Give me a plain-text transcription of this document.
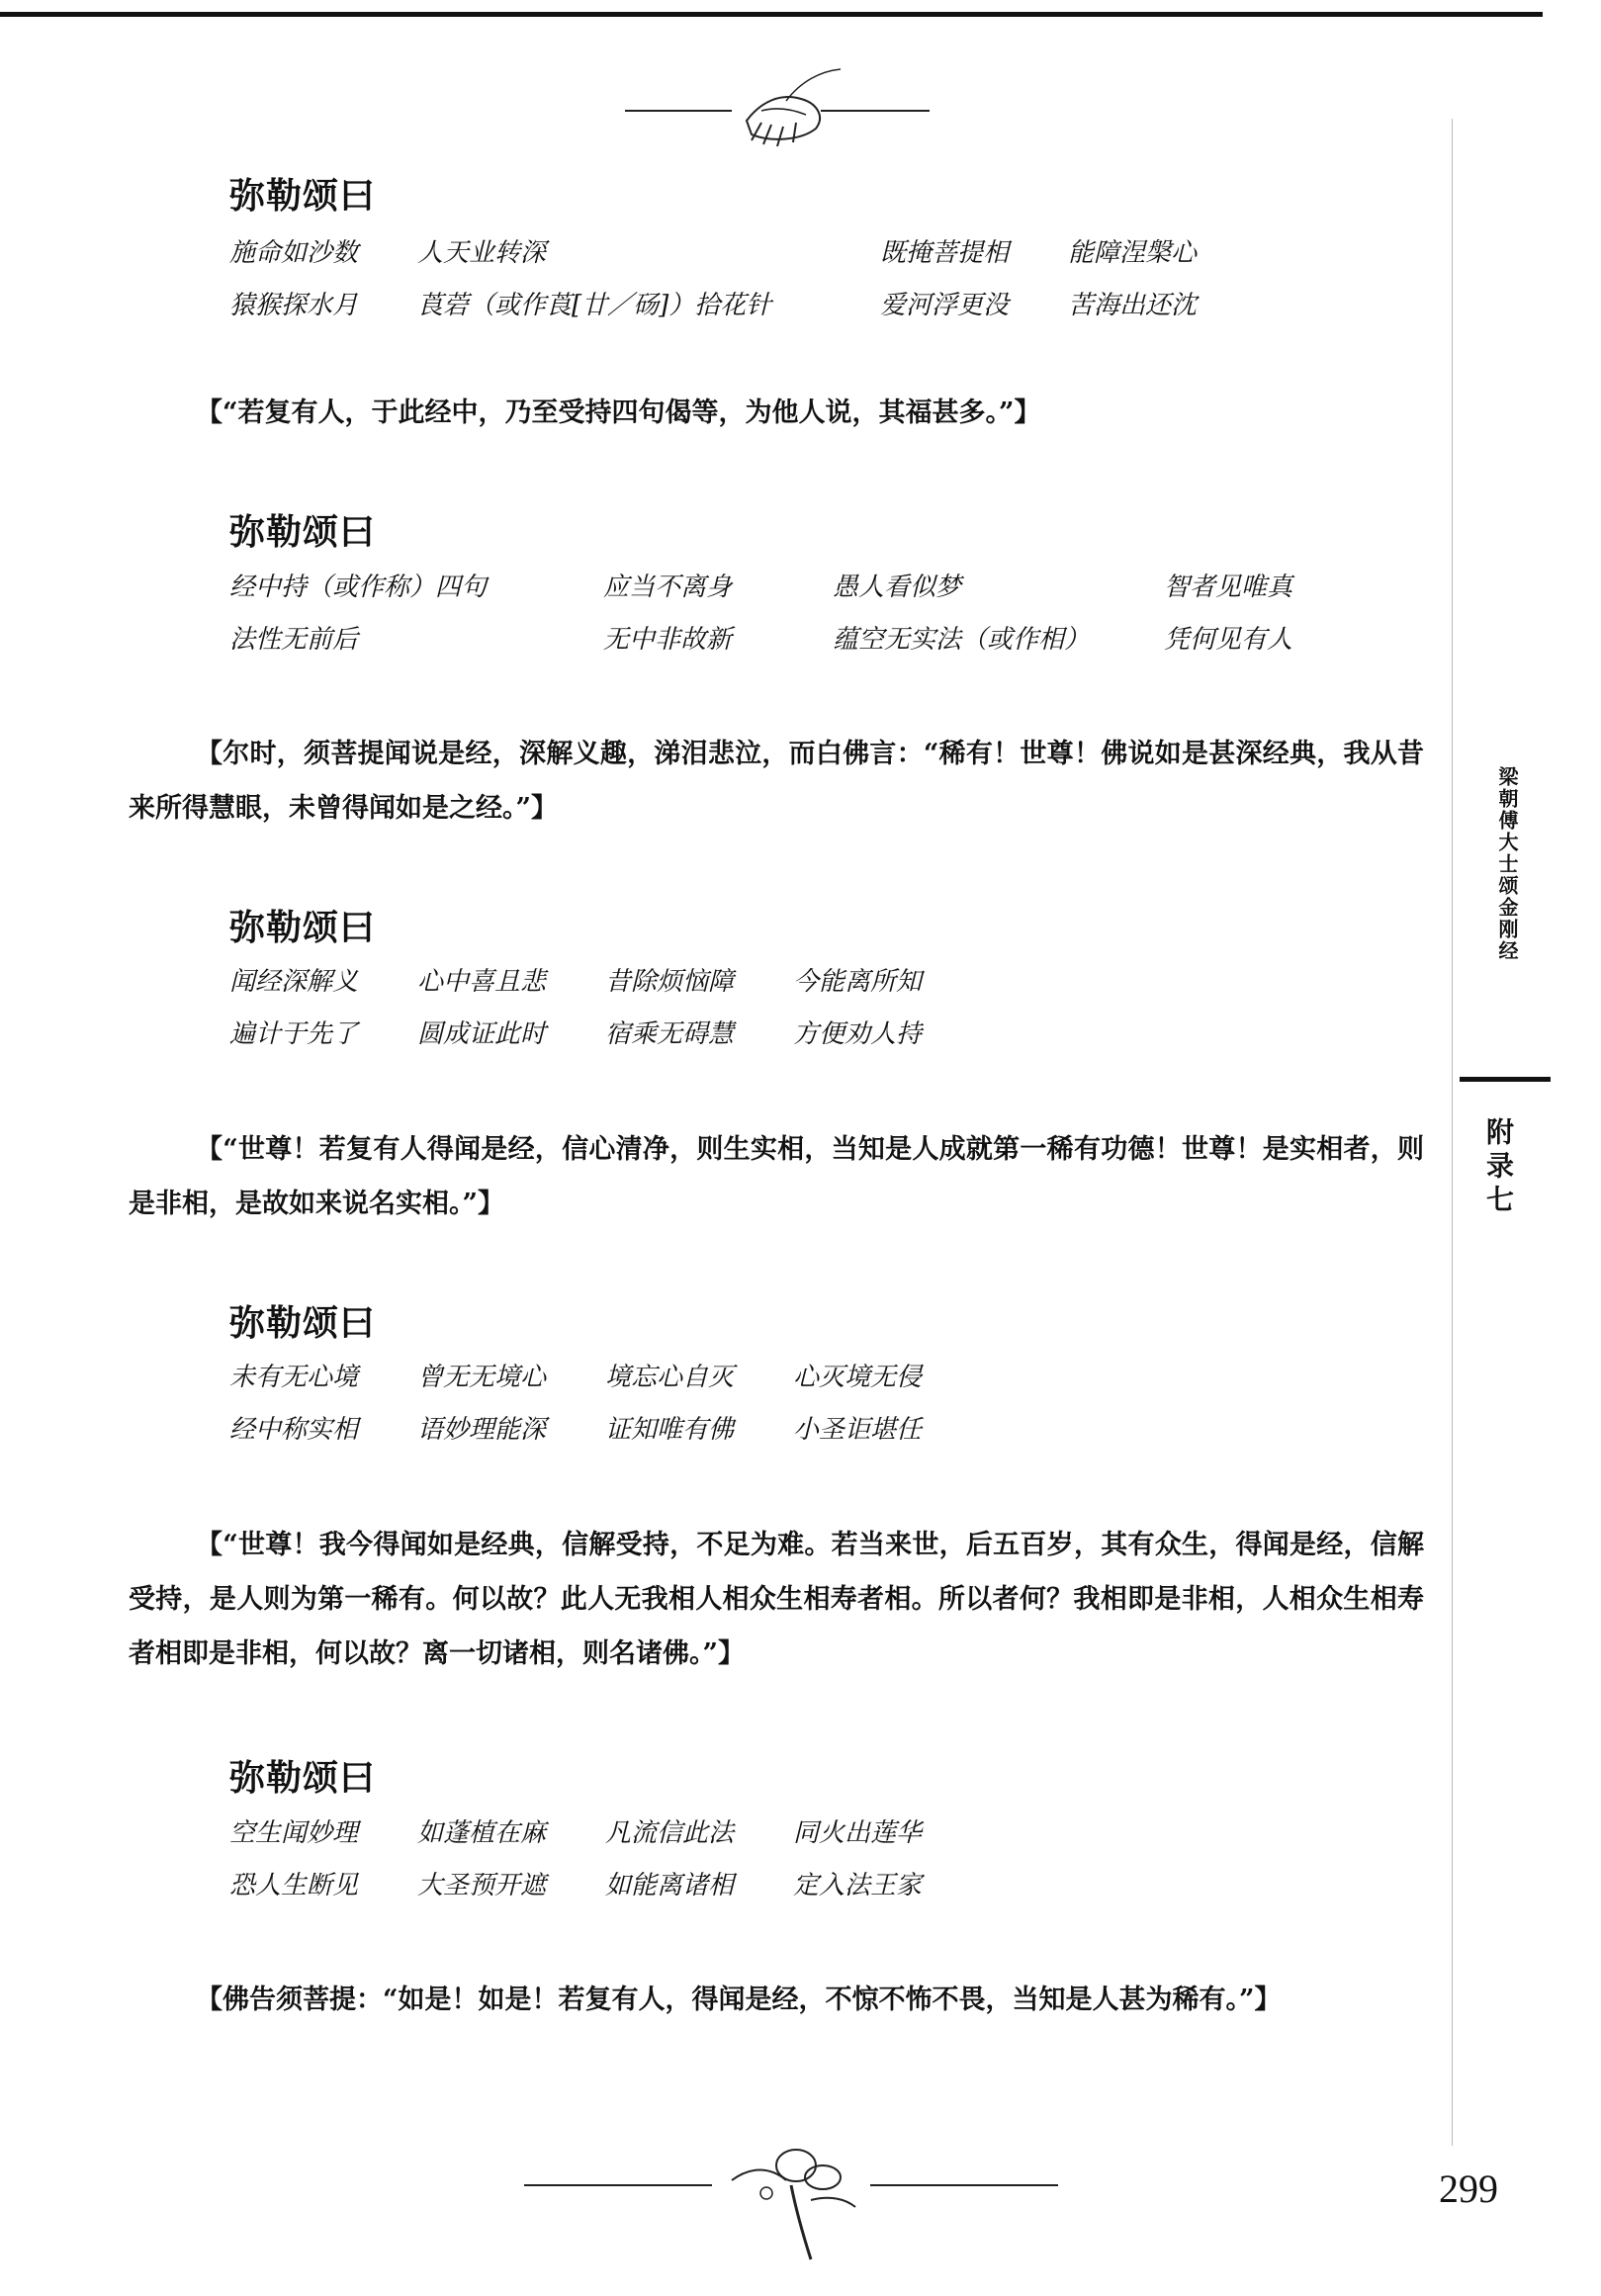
弥勒颂曰
施命如沙数 人天业转深	既掩菩提相 能障涅槃心
猿猴探水月 莨菪（或作莨[廿／砀]）拾花针	爱河浮更没 苦海出还沈
【“若复有人，于此经中，乃至受持四句偈等，为他人说，其福甚多。”】
弥勒颂曰
经中持（或作称）四句	应当不离身	愚人看似梦	智者见唯真
法性无前后	无中非故新	蕴空无实法（或作相）	凭何见有人
【尔时，须菩提闻说是经，深解义趣，涕泪悲泣，而白佛言：“稀有！世尊！佛说如是甚深经典，我从昔来所得慧眼，未曾得闻如是之经。”】
弥勒颂曰
闻经深解义 心中喜且悲 昔除烦恼障 今能离所知
遍计于先了 圆成证此时 宿乘无碍慧 方便劝人持
【“世尊！若复有人得闻是经，信心清净，则生实相，当知是人成就第一稀有功德！世尊！是实相者，则是非相，是故如来说名实相。”】
弥勒颂曰
未有无心境 曾无无境心 境忘心自灭 心灭境无侵
经中称实相 语妙理能深 证知唯有佛 小圣讵堪任
【“世尊！我今得闻如是经典，信解受持，不足为难。若当来世，后五百岁，其有众生，得闻是经，信解受持，是人则为第一稀有。何以故？此人无我相人相众生相寿者相。所以者何？我相即是非相，人相众生相寿者相即是非相，何以故？离一切诸相，则名诸佛。”】
弥勒颂曰
空生闻妙理 如蓬植在麻 凡流信此法 同火出莲华
恐人生断见 大圣预开遮 如能离诸相 定入法王家
【佛告须菩提：“如是！如是！若复有人，得闻是经，不惊不怖不畏，当知是人甚为稀有。”】
梁朝傅大士颂金刚经
附录七
299
